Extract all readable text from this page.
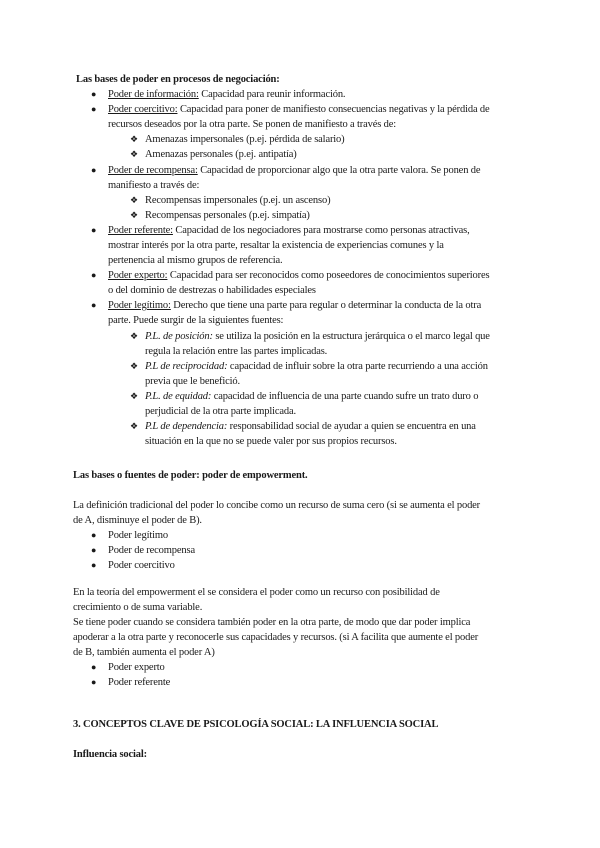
Las bases de poder en procesos de negociación:

● Poder de información: Capacidad para reunir información.

● Poder coercitivo: Capacidad para poner de manifiesto consecuencias negativas y la pérdida de

recursos deseados por la otra parte. Se ponen de manifiesto a través de:

❖ Amenazas impersonales (p.ej. pérdida de salario)

❖ Amenazas personales (p.ej. antipatía)

● Poder de recompensa: Capacidad de proporcionar algo que la otra parte valora. Se ponen de

manifiesto a través de:

❖ Recompensas impersonales (p.ej. un ascenso)

❖ Recompensas personales (p.ej. simpatía)

● Poder referente: Capacidad de los negociadores para mostrarse como personas atractivas,

mostrar interés por la otra parte, resaltar la existencia de experiencias comunes y la

pertenencia al mismo grupos de referencia.

● Poder experto: Capacidad para ser reconocidos como poseedores de conocimientos superiores

o del dominio de destrezas o habilidades especiales

● Poder legítimo: Derecho que tiene una parte para regular o determinar la conducta de la otra

parte. Puede surgir de la siguientes fuentes:

❖ P.L. de posición: se utiliza la posición en la estructura jerárquica o el marco legal que

regula la relación entre las partes implicadas.

❖ P.L de reciprocidad: capacidad de influir sobre la otra parte recurriendo a una acción

previa que le benefició.

❖ P.L. de equidad: capacidad de influencia de una parte cuando sufre un trato duro o

perjudicial de la otra parte implicada.

❖ P.L de dependencia: responsabilidad social de ayudar a quien se encuentra en una

situación en la que no se puede valer por sus propios recursos.

Las bases o fuentes de poder: poder de empowerment.

La definición tradicional del poder lo concibe como un recurso de suma cero (si se aumenta el poder

de A, disminuye el poder de B).

● Poder legítimo

● Poder de recompensa

● Poder coercitivo

En la teoría del empowerment el se considera el poder como un recurso con posibilidad de

crecimiento o de suma variable.

Se tiene poder cuando se considera también poder en la otra parte, de modo que dar poder implica

apoderar a la otra parte y reconocerle sus capacidades y recursos. (si A facilita que aumente el poder

de B, también aumenta el poder A)

● Poder experto

● Poder referente

3. CONCEPTOS CLAVE DE PSICOLOGÍA SOCIAL: LA INFLUENCIA SOCIAL

Influencia social:
